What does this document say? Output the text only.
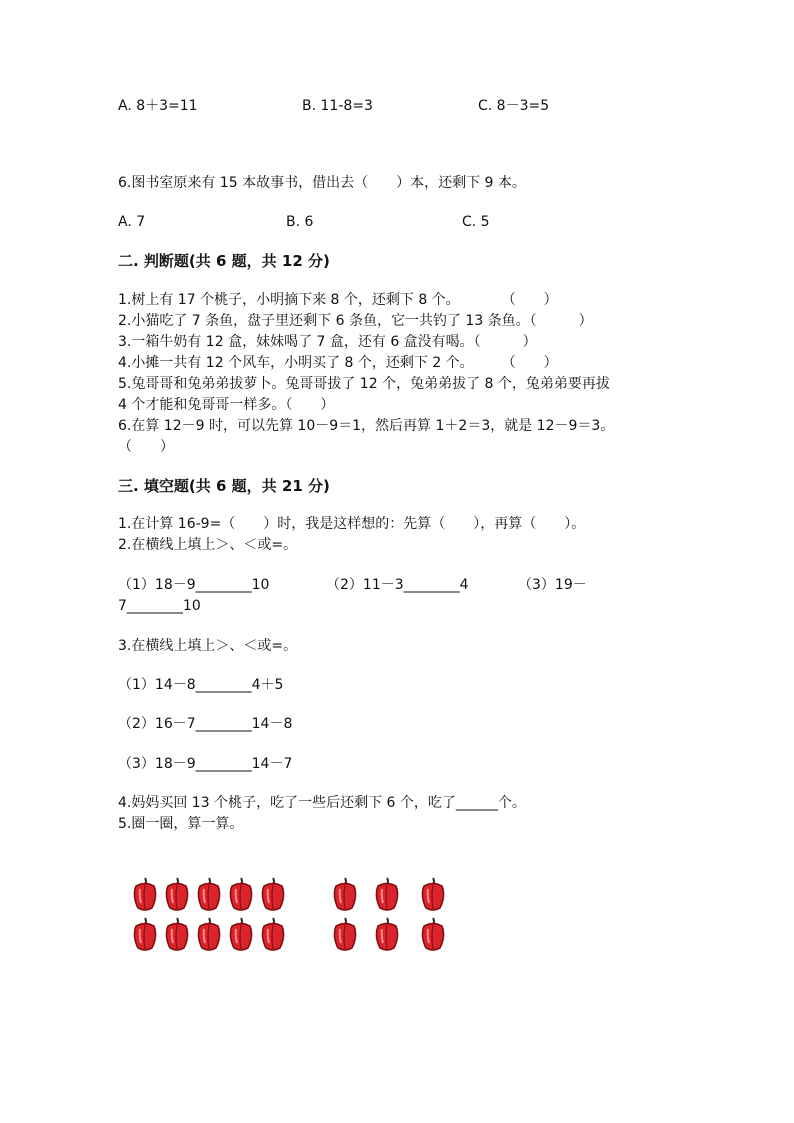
A. 8＋3=11	B. 11-8=3	C. 8－3=5
6.图书室原来有 15 本故事书，借出去（　　）本，还剩下 9 本。
A. 7	B. 6	C. 5
二. 判断题(共 6 题，共 12 分)
1.树上有 17 个桃子，小明摘下来 8 个，还剩下 8 个。　　　　（　　）
2.小猫吃了 7 条鱼，盘子里还剩下 6 条鱼，它一共钓了 13 条鱼。（　　　）
3.一箱牛奶有 12 盒，妹妹喝了 7 盒，还有 6 盒没有喝。（　　　）
4.小摊一共有 12 个风车，小明买了 8 个，还剩下 2 个。　　　（　　）
5.兔哥哥和兔弟弟拔萝卜。兔哥哥拔了 12 个，兔弟弟拔了 8 个，兔弟弟要再拔
4 个才能和兔哥哥一样多。（　　）
6.在算 12－9 时，可以先算 10－9＝1，然后再算 1＋2＝3，就是 12－9＝3。
（　　）
三. 填空题(共 6 题，共 21 分)
1.在计算 16-9=（　　）时，我是这样想的：先算（　　），再算（　　）。
2.在横线上填上＞、＜或=。
（1）18－9________10	（2）11－3________4	（3）19－
7________10
3.在横线上填上＞、＜或=。
（1）14－8________4＋5
（2）16－7________14－8
（3）18－9________14－7
4.妈妈买回 13 个桃子，吃了一些后还剩下 6 个，吃了______个。
5.圈一圈，算一算。
